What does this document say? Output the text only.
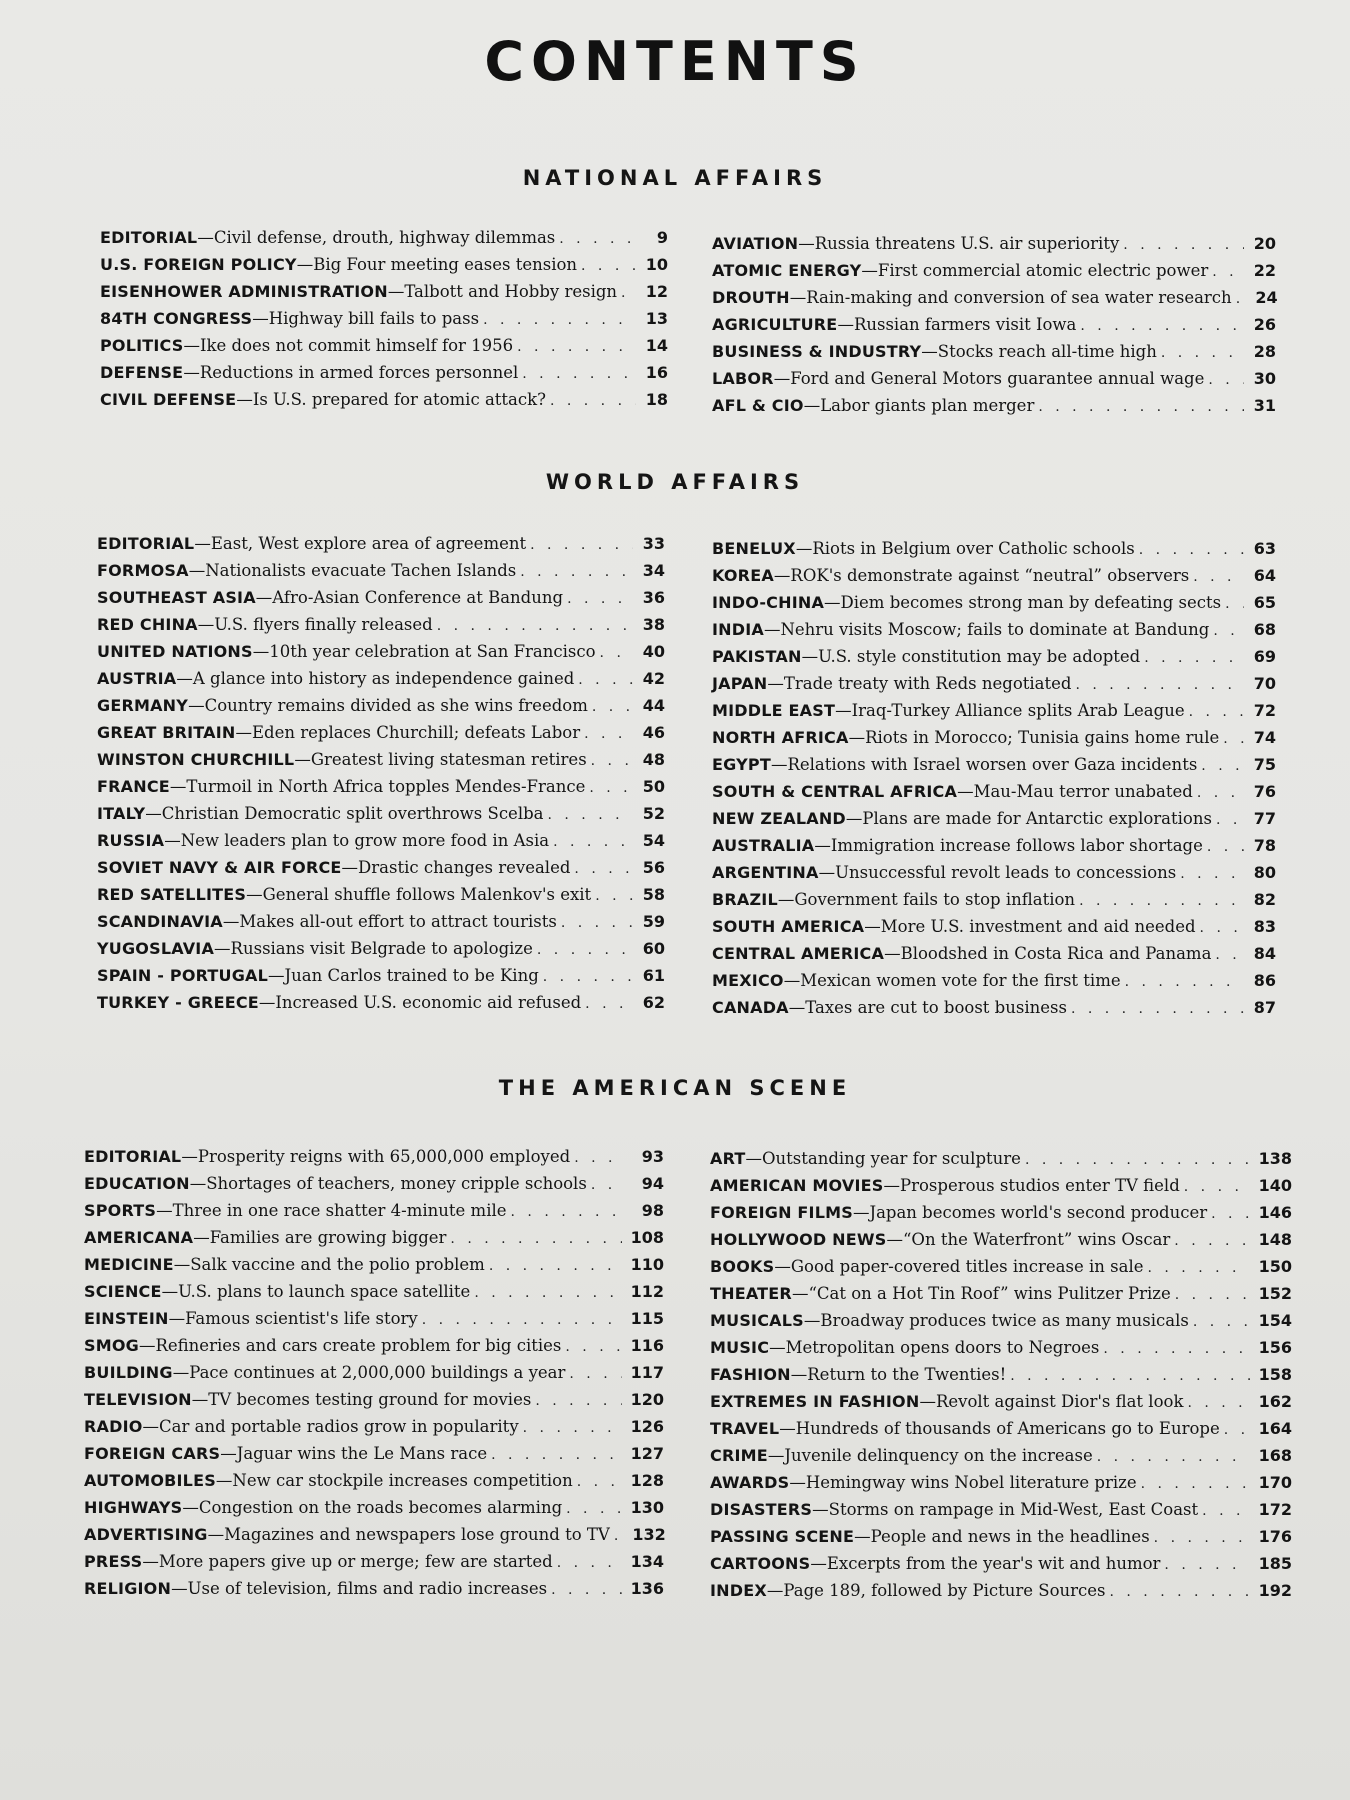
CONTENTS
NATIONAL AFFAIRS
EDITORIAL —Civil defense, drouth, highway dilemmas . . .	9
U.S. FOREIGN POLICY —Big Four meeting eases tension . . .	10
EISENHOWER ADMINISTRATION —Talbott and Hobby resign . . .	12
84TH CONGRESS —Highway bill fails to pass . . .	13
POLITICS —Ike does not commit himself for 1956 . . .	14
DEFENSE —Reductions in armed forces personnel . . .	16
CIVIL DEFENSE —Is U.S. prepared for atomic attack? . . .	18
AVIATION —Russia threatens U.S. air superiority . . .	20
ATOMIC ENERGY —First commercial atomic electric power . . .	22
DROUTH —Rain-making and conversion of sea water research . . .	24
AGRICULTURE —Russian farmers visit Iowa . . .	26
BUSINESS & INDUSTRY —Stocks reach all-time high . . .	28
LABOR —Ford and General Motors guarantee annual wage . . .	30
AFL & CIO —Labor giants plan merger . . .	31
WORLD AFFAIRS
EDITORIAL —East, West explore area of agreement . . .	33
FORMOSA —Nationalists evacuate Tachen Islands . . .	34
SOUTHEAST ASIA —Afro-Asian Conference at Bandung . . .	36
RED CHINA —U.S. flyers finally released . . .	38
UNITED NATIONS —10th year celebration at San Francisco . . .	40
AUSTRIA —A glance into history as independence gained . . .	42
GERMANY —Country remains divided as she wins freedom . . .	44
GREAT BRITAIN —Eden replaces Churchill; defeats Labor . . .	46
WINSTON CHURCHILL —Greatest living statesman retires . . .	48
FRANCE —Turmoil in North Africa topples Mendes-France . . .	50
ITALY —Christian Democratic split overthrows Scelba . . .	52
RUSSIA —New leaders plan to grow more food in Asia . . .	54
SOVIET NAVY & AIR FORCE —Drastic changes revealed . . .	56
RED SATELLITES —General shuffle follows Malenkov's exit . . .	58
SCANDINAVIA —Makes all-out effort to attract tourists . . .	59
YUGOSLAVIA —Russians visit Belgrade to apologize . . .	60
SPAIN - PORTUGAL —Juan Carlos trained to be King . . .	61
TURKEY - GREECE —Increased U.S. economic aid refused . . .	62
BENELUX —Riots in Belgium over Catholic schools . . .	63
KOREA —ROK's demonstrate against “neutral” observers . . .	64
INDO-CHINA —Diem becomes strong man by defeating sects . . .	65
INDIA —Nehru visits Moscow; fails to dominate at Bandung . . .	68
PAKISTAN —U.S. style constitution may be adopted . . .	69
JAPAN —Trade treaty with Reds negotiated . . .	70
MIDDLE EAST —Iraq-Turkey Alliance splits Arab League . . .	72
NORTH AFRICA —Riots in Morocco; Tunisia gains home rule . . .	74
EGYPT —Relations with Israel worsen over Gaza incidents . . .	75
SOUTH & CENTRAL AFRICA —Mau-Mau terror unabated . . .	76
NEW ZEALAND —Plans are made for Antarctic explorations . . .	77
AUSTRALIA —Immigration increase follows labor shortage . . .	78
ARGENTINA —Unsuccessful revolt leads to concessions . . .	80
BRAZIL —Government fails to stop inflation . . .	82
SOUTH AMERICA —More U.S. investment and aid needed . . .	83
CENTRAL AMERICA —Bloodshed in Costa Rica and Panama . . .	84
MEXICO —Mexican women vote for the first time . . .	86
CANADA —Taxes are cut to boost business . . .	87
THE AMERICAN SCENE
EDITORIAL —Prosperity reigns with 65,000,000 employed . . .	93
EDUCATION —Shortages of teachers, money cripple schools . . .	94
SPORTS —Three in one race shatter 4-minute mile . . .	98
AMERICANA —Families are growing bigger . . .	108
MEDICINE —Salk vaccine and the polio problem . . .	110
SCIENCE —U.S. plans to launch space satellite . . .	112
EINSTEIN —Famous scientist's life story . . .	115
SMOG —Refineries and cars create problem for big cities . . .	116
BUILDING —Pace continues at 2,000,000 buildings a year . . .	117
TELEVISION —TV becomes testing ground for movies . . .	120
RADIO —Car and portable radios grow in popularity . . .	126
FOREIGN CARS —Jaguar wins the Le Mans race . . .	127
AUTOMOBILES —New car stockpile increases competition . . .	128
HIGHWAYS —Congestion on the roads becomes alarming . . .	130
ADVERTISING —Magazines and newspapers lose ground to TV . . . 132
PRESS —More papers give up or merge; few are started . . .	134
RELIGION —Use of television, films and radio increases . . .	136
ART —Outstanding year for sculpture . . .	138
AMERICAN MOVIES —Prosperous studios enter TV field . . .	140
FOREIGN FILMS —Japan becomes world's second producer . . .	146
HOLLYWOOD NEWS —“On the Waterfront” wins Oscar . . .	148
BOOKS —Good paper-covered titles increase in sale . . .	150
THEATER —“Cat on a Hot Tin Roof” wins Pulitzer Prize . . .	152
MUSICALS —Broadway produces twice as many musicals . . .	154
MUSIC —Metropolitan opens doors to Negroes . . .	156
FASHION —Return to the Twenties! . . .	158
EXTREMES IN FASHION —Revolt against Dior's flat look . . .	162
TRAVEL —Hundreds of thousands of Americans go to Europe . . . 164
CRIME —Juvenile delinquency on the increase . . .	168
AWARDS —Hemingway wins Nobel literature prize . . .	170
DISASTERS —Storms on rampage in Mid-West, East Coast . . .	172
PASSING SCENE —People and news in the headlines . . .	176
CARTOONS —Excerpts from the year's wit and humor . . .	185
INDEX —Page 189, followed by Picture Sources . . .	192
